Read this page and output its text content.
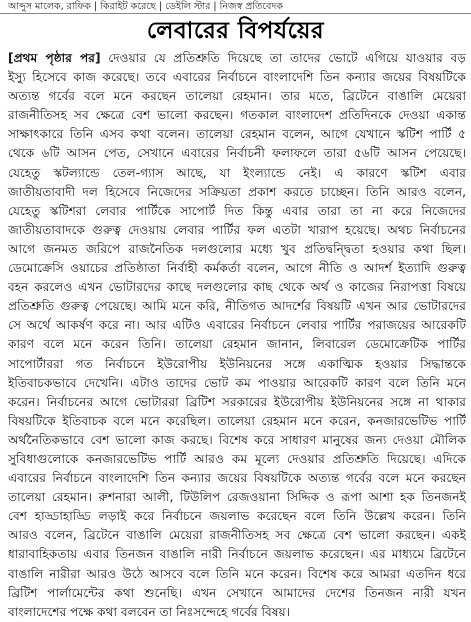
আব্দুস মালেক, রাফিক | কিরাইট করেছে | ডেইলি স্টার | নিজস্ব প্রতিবেদক
লেবারের বিপর্যয়ের
[প্রথম পৃষ্ঠার পর] দেওয়ার যে প্রতিশ্রুতি দিয়েছে তা তাদের ভোটে এগিয়ে যাওয়ার বড়
ইস্যু হিসেবে কাজ করেছে। তবে এবারের নির্বাচনে বাংলাদেশি তিন কন্যার জয়ের বিষয়টিকে
অত্যন্ত গর্বের বলে মনে করছেন তালেয়া রেহমান। তার মতে, ব্রিটেনে বাঙালি মেয়েরা
রাজনীতিসহ সব ক্ষেত্রে বেশ ভালো করছেন। গতকাল বাংলাদেশ প্রতিদিনকে দেওয়া একান্ত
সাক্ষাৎকারে তিনি এসব কথা বলেন। তালেয়া রেহমান বলেন, আগে যেখানে স্কটিশ পার্টি ৫
থেকে ৬টি আসন পেত, সেখানে এবারের নির্বাচনী ফলাফলে তারা ৫৬টি আসন পেয়েছে।
যেহেতু স্কটল্যান্ডে তেল-গ্যাস আছে, যা ইংল্যান্ডে নেই। এ কারণে স্কটিশ এবার
জাতীয়তাবাদী দল হিসেবে নিজেদের সক্রিয়তা প্রকাশ করতে চাচ্ছেন। তিনি আরও বলেন,
যেহেতু স্কটিশরা লেবার পার্টিকে সাপোর্ট দিত কিন্তু এবার তারা তা না করে নিজেদের
জাতীয়তাবাদকে গুরুত্ব দেওয়ায় লেবার পার্টির ফল এতটা খারাপ হয়েছে। অথচ নির্বাচনের
আগে জনমত জরিপে রাজনৈতিক দলগুলোর মধ্যে খুব প্রতিদ্বন্দ্বিতা হওয়ার কথা ছিল।
ডেমোক্রেসি ওয়াচের প্রতিষ্ঠাতা নির্বাহী কর্মকর্তা বলেন, আগে নীতি ও আদর্শ ইত্যাদি গুরুত্ব
বহন করলেও এখন ভোটারদের কাছে দলগুলোর কাছ থেকে অর্থ ও কাজের নিরাপত্তা বিষয়ে
প্রতিশ্রুতি গুরুত্ব পেয়েছে। আমি মনে করি, নীতিগত আদর্শের বিষয়টি এখন আর ভোটারদের
সে অর্থে আকর্ষণ করে না। আর এটিও এবারের নির্বাচনে লেবার পার্টির পরাজয়ের আরেকটি
কারণ বলে মনে করেন তিনি। তালেয়া রেহমান জানান, লিবারেল ডেমোক্রেটিক পার্টির
সাপোর্টাররা গত নির্বাচনে ইউরোপীয় ইউনিয়নের সঙ্গে একাত্মিক হওয়ার সিদ্ধান্তকে
ইতিবাচকভাবে দেখেনি। এটাও তাদের ভোট কম পাওয়ার আরেকটি কারণ বলে তিনি মনে
করেন। নির্বাচনের আগে ভোটাররা ব্রিটিশ সরকারের ইউরোপীয় ইউনিয়নের সঙ্গে না থাকার
বিষয়টিকে ইতিবাচক বলে মনে করেছিল। তালেয়া রেহমান মনে করেন, কনজারভেটিভ পার্টি
অর্থনৈতিকভাবে বেশ ভালো কাজ করছে। বিশেষ করে সাধারণ মানুষের জন্য দেওয়া মৌলিক
সুবিধাগুলোকে কনজারভেটিভ পার্টি আরও কম মূল্যে দেওয়ার প্রতিশ্রুতি দিয়েছে। এদিকে
এবারের নির্বাচনে বাংলাদেশি তিন কন্যার জয়ের বিষয়টিকে অত্যন্ত গর্বের বলে মনে করছেন
তালেয়া রেহমান। রুশনারা আলী, টিউলিপ রেজওয়ানা সিদ্দিক ও রূপা আশা হক তিনজনই
বেশ হাড্ডাহাড্ডি লড়াই করে নির্বাচনে জয়লাভ করেছেন বলে তিনি উল্লেখ করেন। তিনি
আরও বলেন, ব্রিটেনে বাঙালি মেয়েরা রাজনীতিসহ সব ক্ষেত্রে বেশ ভালো করছেন। একই
ধারাবাহিকতায় এবার তিনজন বাঙালি নারী নির্বাচনে জয়লাভ করেছেন। এর মাধ্যমে ব্রিটেনে
বাঙালি নারীরা আরও উঠে আসবে বলে তিনি মনে করেন। বিশেষ করে আমরা এতদিন ধরে
ব্রিটিশ পার্লামেন্টের কথা শুনেছি। এখন সেখানে আমাদের দেশের তিনজন নারী যখন
বাংলাদেশের পক্ষে কথা বলবেন তা নিঃসন্দেহে গর্বের বিষয়।
